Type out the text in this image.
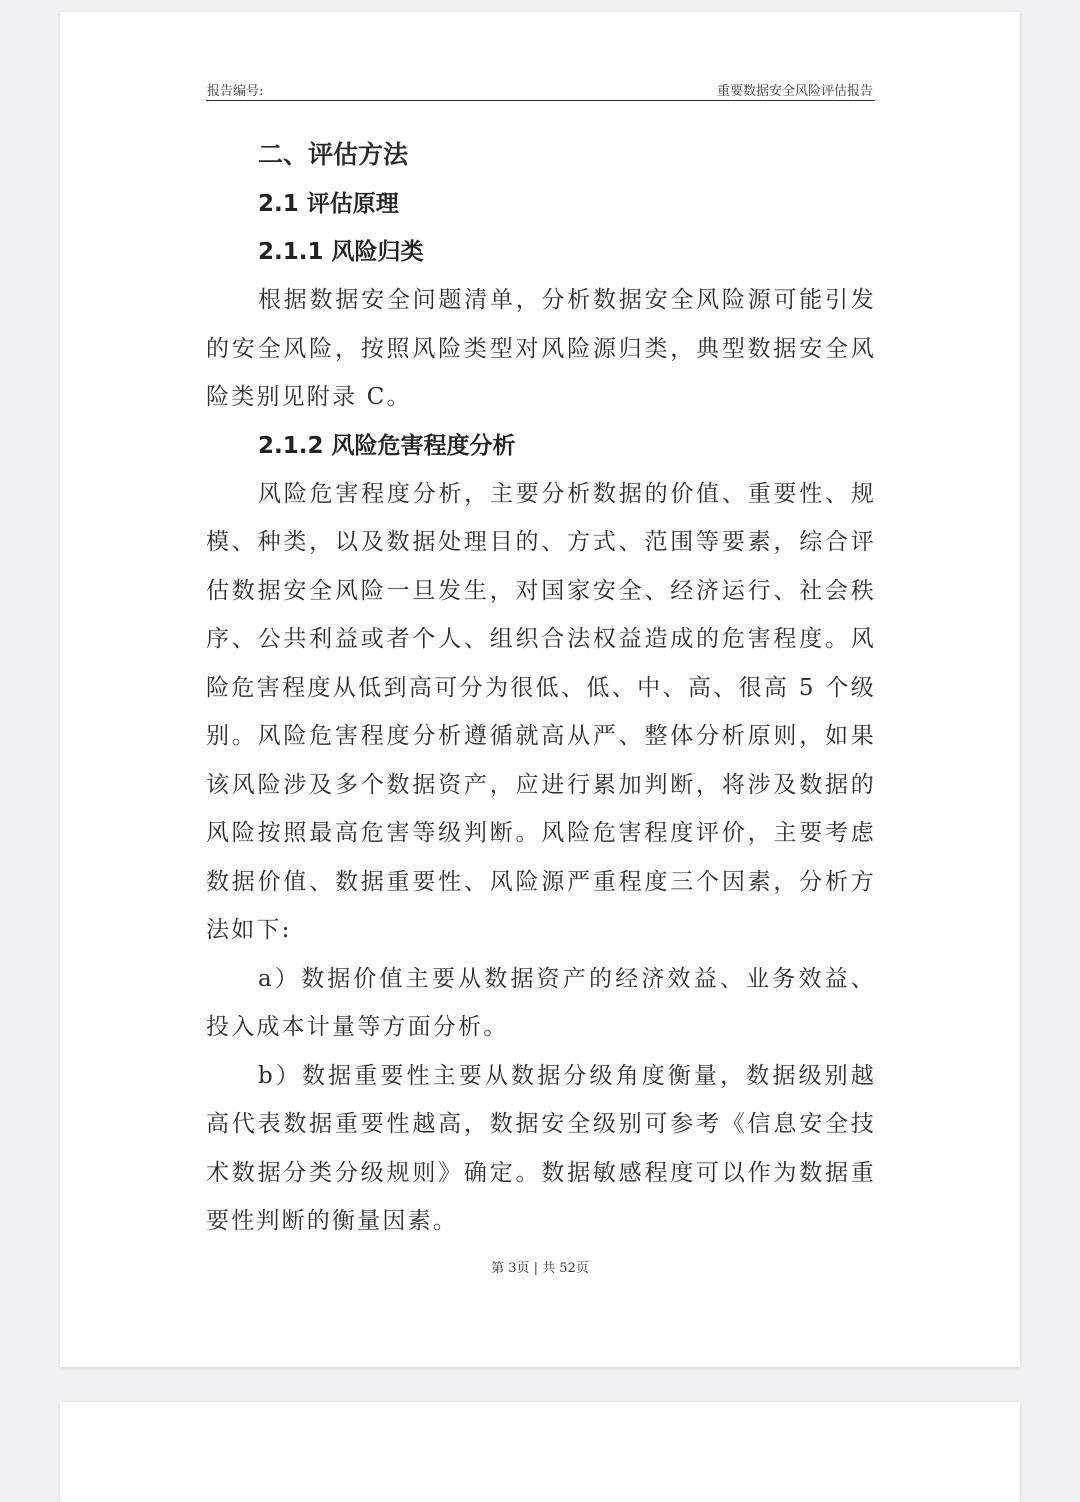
报告编号:	重要数据安全风险评估报告
二、评估方法
2.1 评估原理
2.1.1 风险归类

根据数据安全问题清单，分析数据安全风险源可能引发的安全风险，按照风险类型对风险源归类，典型数据安全风险类别见附录 C。

2.1.2 风险危害程度分析

风险危害程度分析，主要分析数据的价值、重要性、规模、种类，以及数据处理目的、方式、范围等要素，综合评估数据安全风险一旦发生，对国家安全、经济运行、社会秩序、公共利益或者个人、组织合法权益造成的危害程度。风险危害程度从低到高可分为很低、低、中、高、很高 5 个级别。风险危害程度分析遵循就高从严、整体分析原则，如果该风险涉及多个数据资产，应进行累加判断，将涉及数据的风险按照最高危害等级判断。风险危害程度评价，主要考虑数据价值、数据重要性、风险源严重程度三个因素，分析方法如下:

a）数据价值主要从数据资产的经济效益、业务效益、投入成本计量等方面分析。

b）数据重要性主要从数据分级角度衡量，数据级别越高代表数据重要性越高，数据安全级别可参考《信息安全技术数据分类分级规则》确定。数据敏感程度可以作为数据重要性判断的衡量因素。

第 3页 | 共 52页
